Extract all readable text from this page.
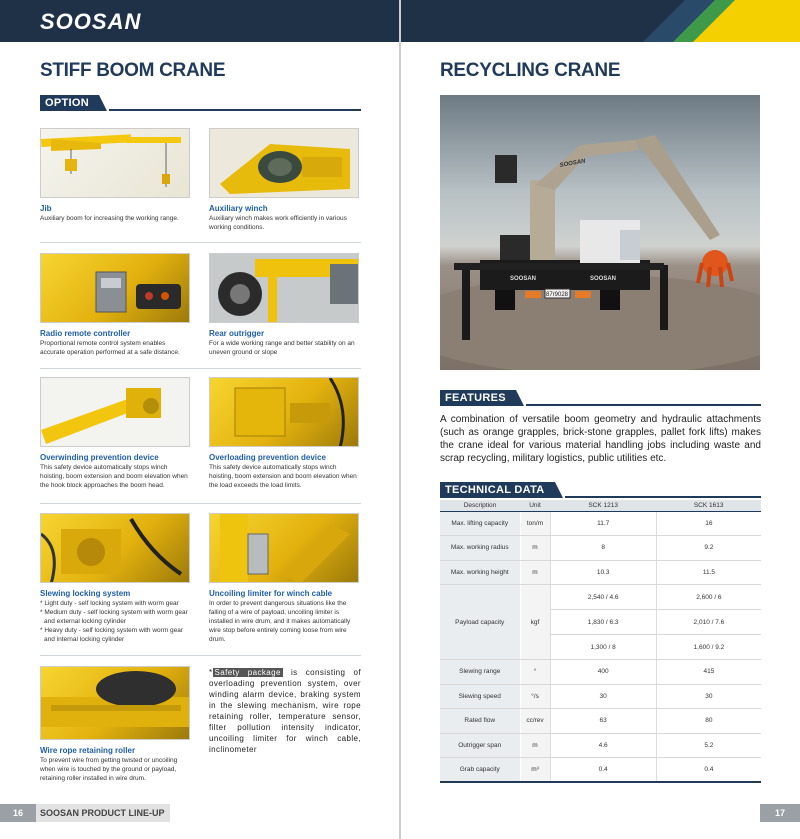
SOOSAN
STIFF BOOM CRANE
OPTION
Jib
Auxiliary boom for increasing the working range.
Auxiliary winch
Auxiliary winch makes work efficiently in various working conditions.
Radio remote controller
Proportional remote control system enables accurate operation performed at a safe distance.
Rear outrigger
For a wide working range and better stability on an uneven ground or slope
Overwinding prevention device
This safety device automatically stops winch hoisting, boom extension and boom elevation when the hook block approaches the boom head.
Overloading prevention device
This safety device automatically stops winch hoisting, boom extension and boom elevation when the load exceeds the load limits.
Slewing locking system
* Light duty - self locking system with worm gear
* Medium duty - self locking system with worm gear and external locking cylinder
* Heavy duty - self locking system with worm gear and internal locking cylinder
Uncoiling limiter for winch cable
In order to prevent dangerous situations like the falling of a wire of payload, uncoiling limiter is installed in wire drum, and it makes automatically wire stop before entirely coming loose from wire drum.
Wire rope retaining roller
To prevent wire from getting twisted or uncoiling when wire is touched by the ground or payload, retaining roller installed in wire drum.
* Safety package is consisting of overloading prevention system, over winding alarm device, braking system in the slewing mechanism, wire rope retaining roller, temperature sensor, filter pollution intensity indicator, uncoiling limiter for winch cable, inclinometer
16	SOOSAN PRODUCT LINE-UP
RECYCLING CRANE
87r9028
SOOSAN	SOOSAN
SOOSAN
FEATURES
A combination of versatile boom geometry and hydraulic attachments (such as orange grapples, brick-stone grapples, pallet fork lifts) makes the crane ideal for various material handling jobs including waste and scrap recycling, military logistics, public utilities etc.
TECHNICAL DATA
Description	Unit	SCK 1213	SCK 1613
Max. lifting capacity	ton/m	11.7	16
Max. working radius	m	8	9.2
Max. working height	m	10.3	11.5
Payload capacity	kgf	2,540 / 4.6	2,600 / 6
		1,830 / 6.3	2,010 / 7.6
		1,300 / 8	1,600 / 9.2
Slewing range	°	400	415
Slewing speed	°/s	30	30
Rated flow	cc/rev	63	80
Outrigger span	m	4.6	5.2
Grab capacity	m³	0.4	0.4
17
